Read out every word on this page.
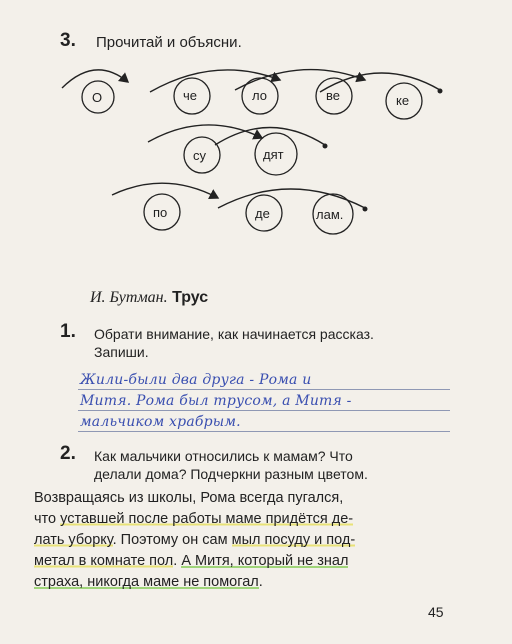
3. Прочитай и объясни.
О	че	ло	ве	ке
су	дят
по	де	лам.
И. Бутман. Трус
1. Обрати внимание, как начинается рассказ.
Запиши.
Жили-были два друга - Рома и
Митя. Рома был трусом, а Митя -
мальчиком храбрым.
2. Как мальчики относились к мамам? Что
делали дома? Подчеркни разным цветом.
Возвращаясь из школы, Рома всегда пугался,
что уставшей после работы маме придётся де-
лать уборку. Поэтому он сам мыл посуду и под-
метал в комнате пол. А Митя, который не знал
страха, никогда маме не помогал.
45
